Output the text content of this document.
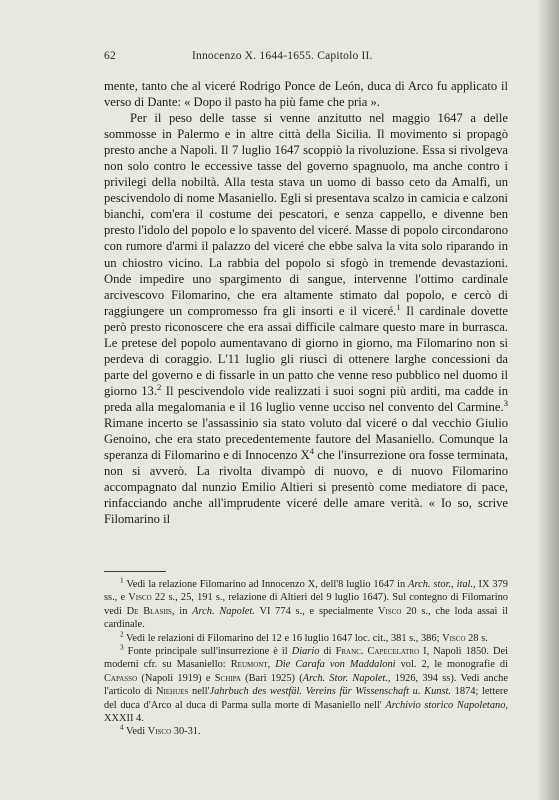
62	Innocenzo X. 1644-1655. Capitolo II.

mente, tanto che al viceré Rodrigo Ponce de León, duca di Arco fu applicato il verso di Dante: « Dopo il pasto ha più fame che pria ».

Per il peso delle tasse si venne anzitutto nel maggio 1647 a delle sommosse in Palermo e in altre città della Sicilia. Il movimento si propagò presto anche a Napoli. Il 7 luglio 1647 scoppiò la rivoluzione. Essa si rivolgeva non solo contro le eccessive tasse del governo spagnuolo, ma anche contro i privilegi della nobiltà. Alla testa stava un uomo di basso ceto da Amalfi, un pescivendolo di nome Masaniello. Egli si presentava scalzo in camicia e calzoni bianchi, com'era il costume dei pescatori, e senza cappello, e divenne ben presto l'idolo del popolo e lo spavento del viceré. Masse di popolo circondarono con rumore d'armi il palazzo del viceré che ebbe salva la vita solo riparando in un chiostro vicino. La rabbia del popolo si sfogò in tremende devastazioni. Onde impedire uno spargimento di sangue, intervenne l'ottimo cardinale arcivescovo Filomarino, che era altamente stimato dal popolo, e cercò di raggiungere un compromesso fra gli insorti e il viceré.$^1$ Il cardinale dovette però presto riconoscere che era assai difficile calmare questo mare in burrasca. Le pretese del popolo aumentavano di giorno in giorno, ma Filomarino non si perdeva di coraggio. L'11 luglio gli riuscì di ottenere larghe concessioni da parte del governo e di fissarle in un patto che venne reso pubblico nel duomo il giorno 13.$^2$ Il pescivendolo vide realizzati i suoi sogni più arditi, ma cadde in preda alla megalomania e il 16 luglio venne ucciso nel convento del Carmine.$^3$ Rimane incerto se l'assassinio sia stato voluto dal viceré o dal vecchio Giulio Genoino, che era stato precedentemente fautore del Masaniello. Comunque la speranza di Filomarino e di Innocenzo $X^4$ che l'insurrezione ora fosse terminata, non si avverò. La rivolta divampò di nuovo, e di nuovo Filomarino accompagnato dal nunzio Emilio Altieri si presentò come mediatore di pace, rinfacciando anche all'imprudente viceré delle amare verità. « Io so, scrive Filomarino il

$^1$ Vedi la relazione Filomarino ad Innocenzo X, dell'8 luglio 1647 in Arch. stor., ital., IX 379 ss., e Visco 22 s., 25, 191 s., relazione di Altieri del 9 luglio 1647). Sul contegno di Filomarino vedi De Blasiis, in Arch. Napolet. VI 774 s., e specialmente Visco 20 s., che loda assai il cardinale.

$^2$ Vedi le relazioni di Filomarino del 12 e 16 luglio 1647 loc. cit., 381 s., 386; Visco 28 s.

$^3$ Fonte principale sull'insurrezione è il Diario di Franc. Capecelatro I, Napoli 1850. Dei moderni cfr. su Masaniello: Reumont, Die Carafa von Maddaloni vol. 2, le monografie di Capasso (Napoli 1919) e Schipa (Bari 1925) (Arch. Stor. Napolet., 1926, 394 ss). Vedi anche l'articolo di Niehues nell'Jahrbuch des westfäl. Vereins für Wissenschaft u. Kunst. 1874; lettere del duca d'Arco al duca di Parma sulla morte di Masaniello nell' Archivio storico Napoletano, XXXII 4.

$^4$ Vedi Visco 30-31.
